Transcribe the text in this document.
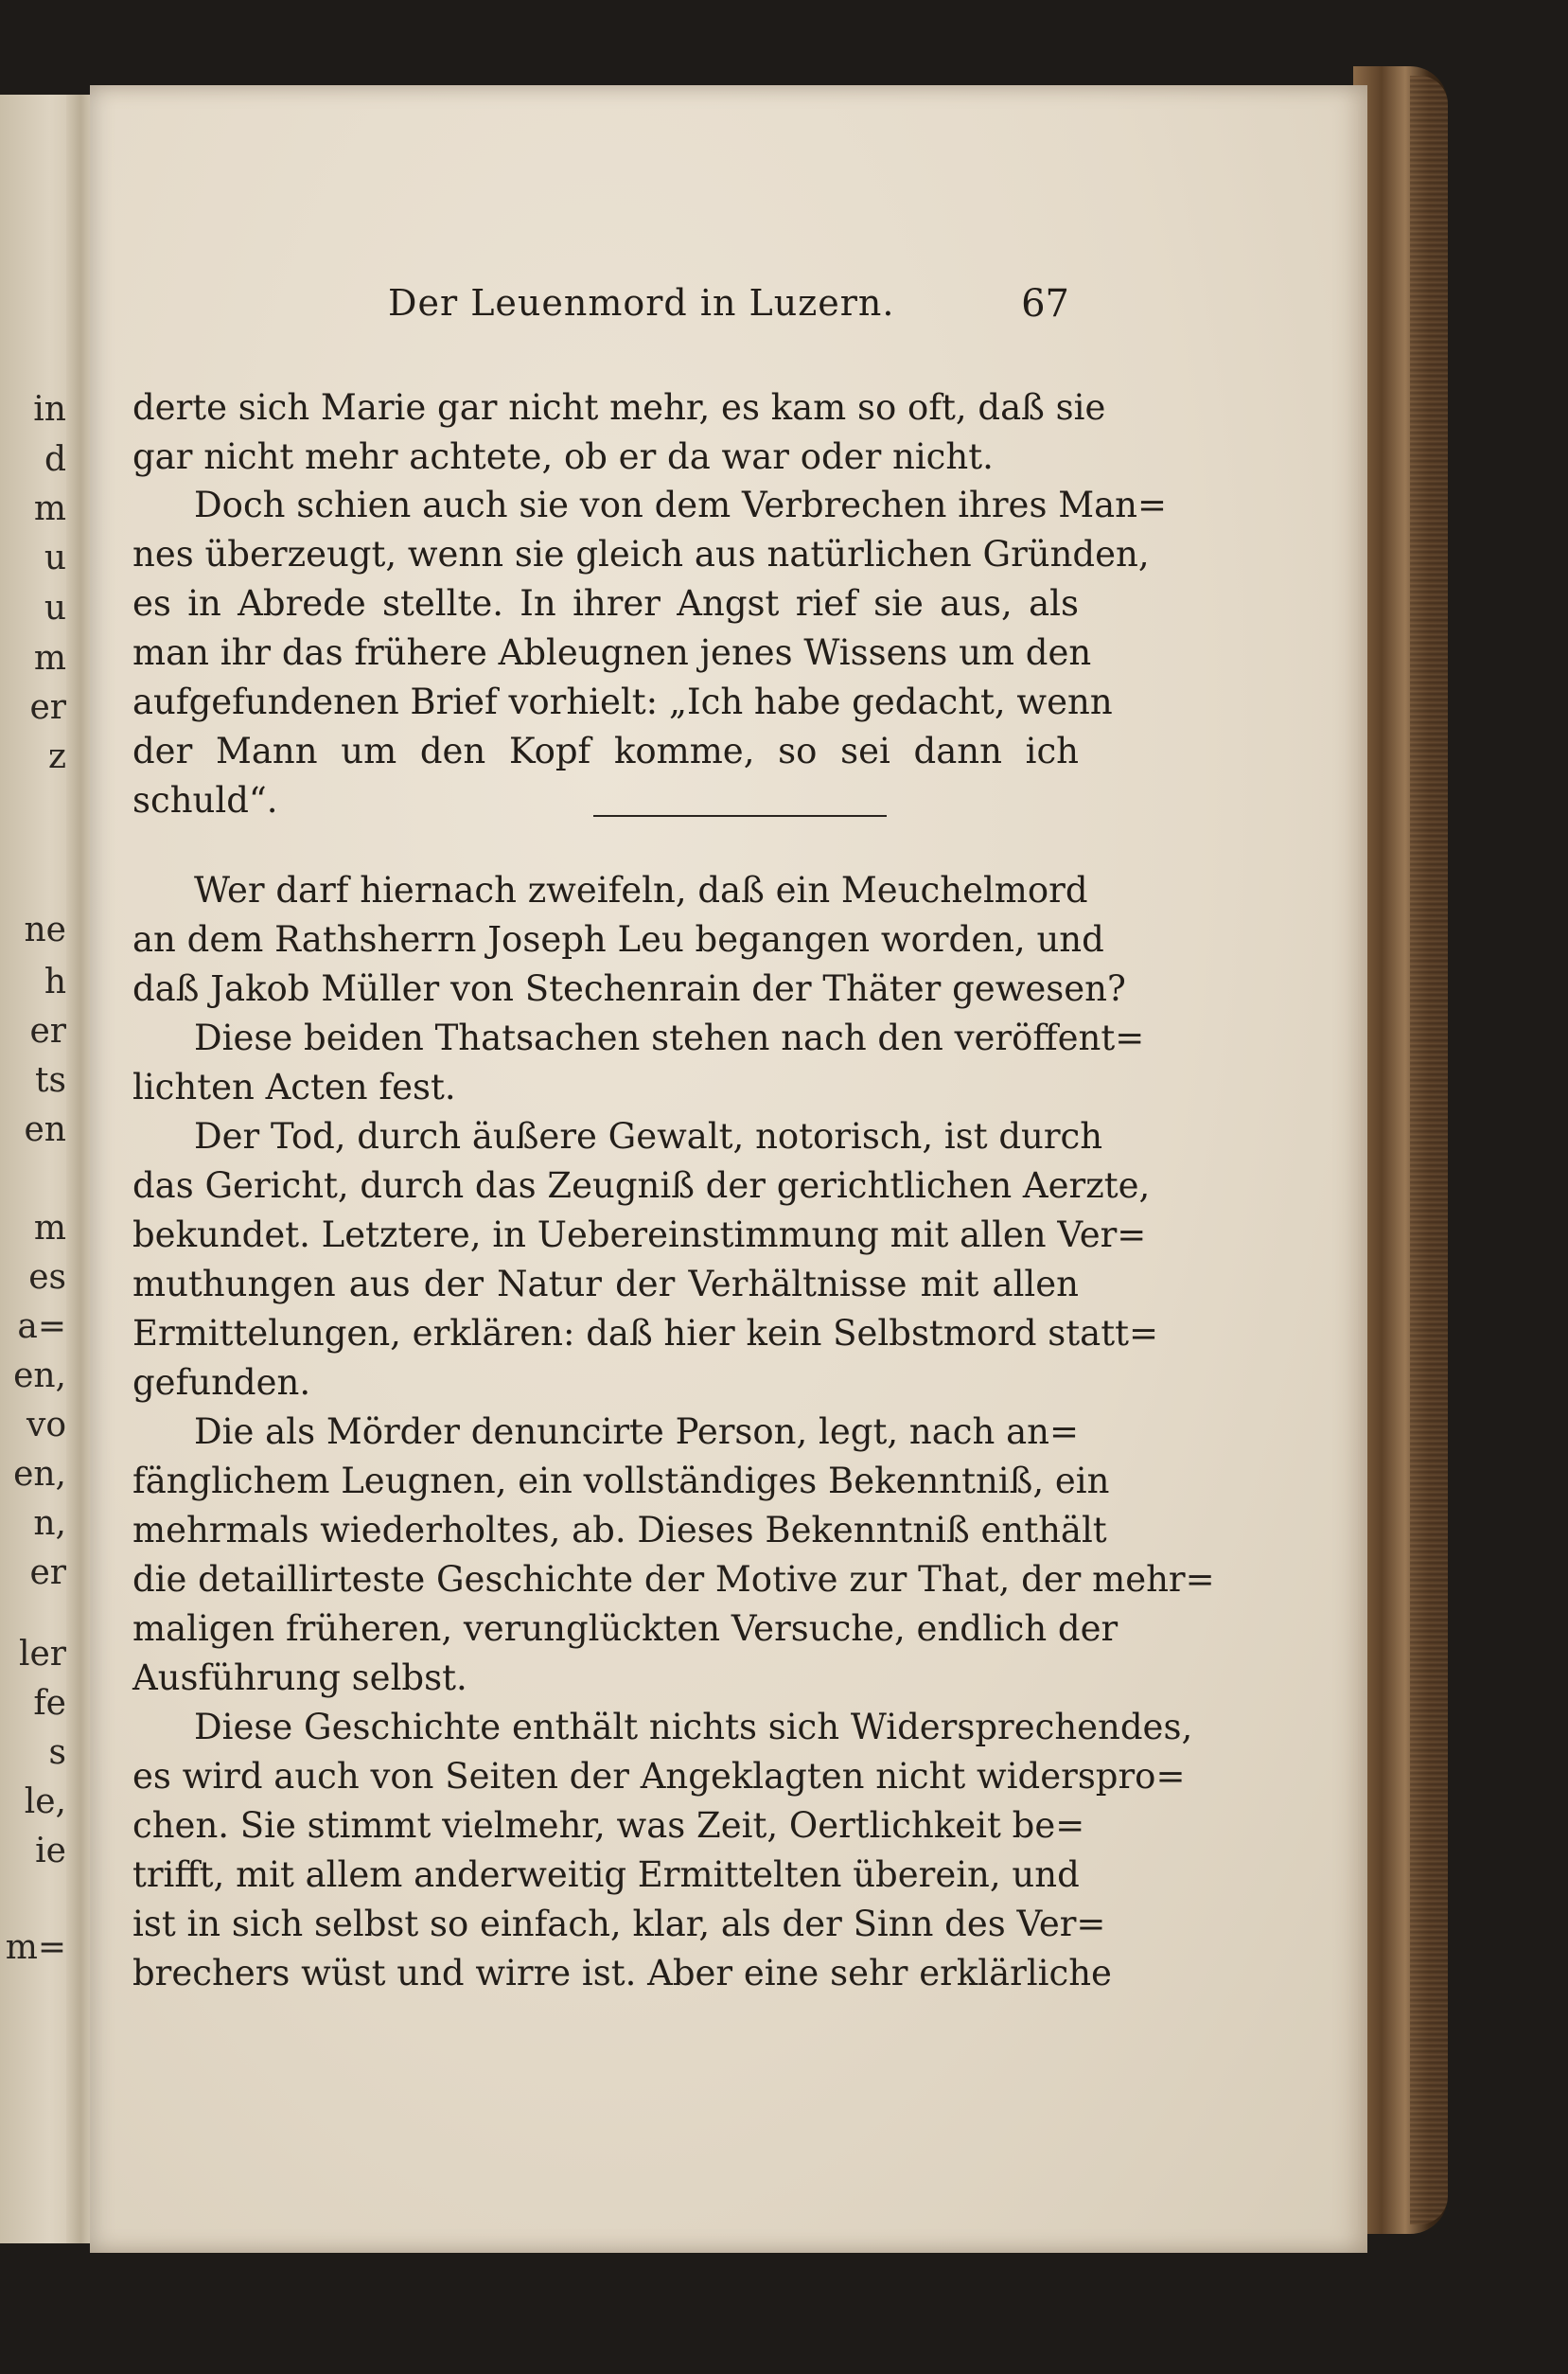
in
d
m
u
u
m
er
z
ne
h
er
ts
en
m
es
a=
en,
vo
en,
n,
er
ler
fe
s
le,
ie
m=
Der Leuenmord in Luzern.	67
derte sich Marie gar nicht mehr, es kam so oft, daß sie
gar nicht mehr achtete, ob er da war oder nicht.
Doch schien auch sie von dem Verbrechen ihres Man=
nes überzeugt, wenn sie gleich aus natürlichen Gründen,
es in Abrede stellte. In ihrer Angst rief sie aus, als
man ihr das frühere Ableugnen jenes Wissens um den
aufgefundenen Brief vorhielt: „Ich habe gedacht, wenn
der Mann um den Kopf komme, so sei dann ich
schuld“.
Wer darf hiernach zweifeln, daß ein Meuchelmord
an dem Rathsherrn Joseph Leu begangen worden, und
daß Jakob Müller von Stechenrain der Thäter gewesen?
Diese beiden Thatsachen stehen nach den veröffent=
lichten Acten fest.
Der Tod, durch äußere Gewalt, notorisch, ist durch
das Gericht, durch das Zeugniß der gerichtlichen Aerzte,
bekundet. Letztere, in Uebereinstimmung mit allen Ver=
muthungen aus der Natur der Verhältnisse mit allen
Ermittelungen, erklären: daß hier kein Selbstmord statt=
gefunden.
Die als Mörder denuncirte Person, legt, nach an=
fänglichem Leugnen, ein vollständiges Bekenntniß, ein
mehrmals wiederholtes, ab. Dieses Bekenntniß enthält
die detaillirteste Geschichte der Motive zur That, der mehr=
maligen früheren, verunglückten Versuche, endlich der
Ausführung selbst.
Diese Geschichte enthält nichts sich Widersprechendes,
es wird auch von Seiten der Angeklagten nicht widerspro=
chen. Sie stimmt vielmehr, was Zeit, Oertlichkeit be=
trifft, mit allem anderweitig Ermittelten überein, und
ist in sich selbst so einfach, klar, als der Sinn des Ver=
brechers wüst und wirre ist. Aber eine sehr erklärliche
